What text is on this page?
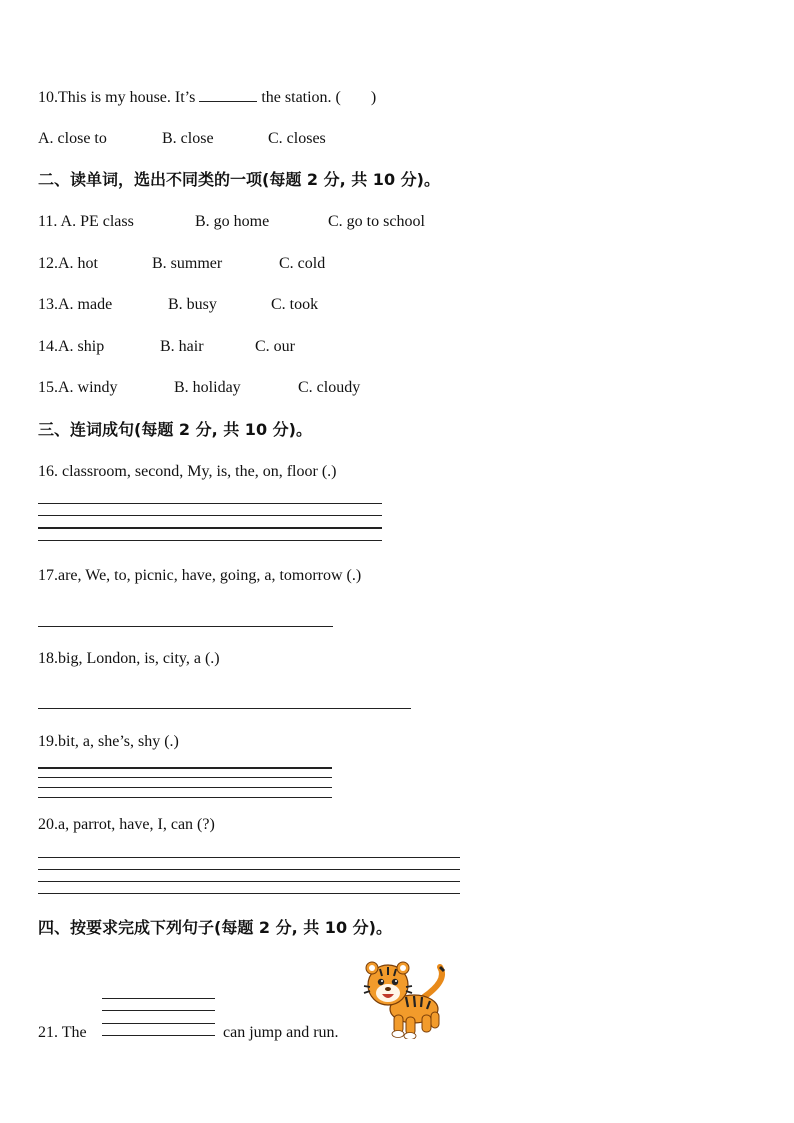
10.This is my house. It’s	the station. ( )
A. close to	B. close	C. closes
二、读单词，选出不同类的一项(每题 2 分, 共 10 分)。
11. A. PE class	B. go home	C. go to school
12.A. hot	B. summer	C. cold
13.A. made	B. busy	C. took
14.A. ship	B. hair	C. our
15.A. windy	B. holiday	C. cloudy
三、连词成句(每题 2 分, 共 10 分)。
16. classroom, second, My, is, the, on, floor (.)
17.are, We, to, picnic, have, going, a, tomorrow (.)
18.big, London, is, city, a (.)
19.bit, a, she’s, shy (.)
20.a, parrot, have, I, can (?)
四、按要求完成下列句子(每题 2 分, 共 10 分)。
21. The	can jump and run.
